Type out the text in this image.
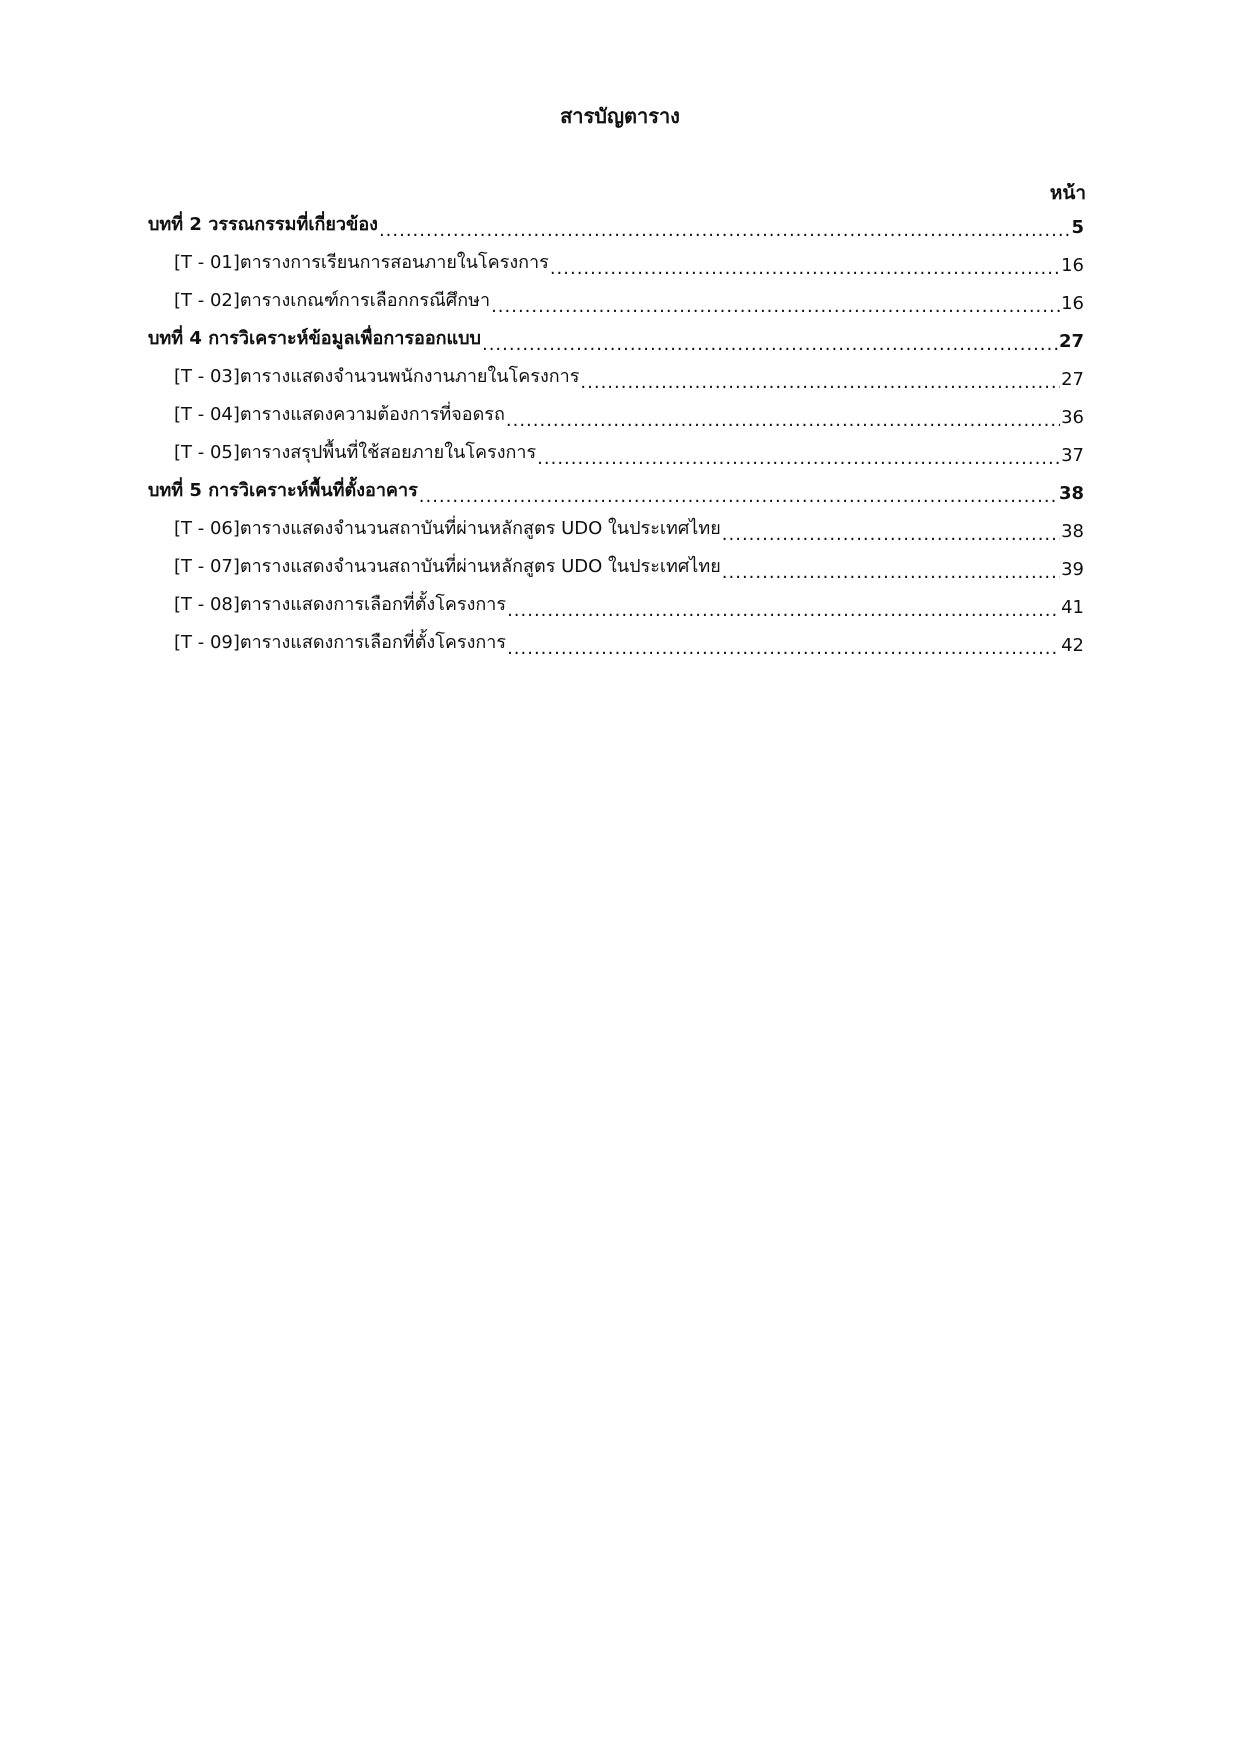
สารบัญตาราง
หน้า
บทที่ 2 วรรณกรรมที่เกี่ยวข้อง .....	5
[T - 01]ตารางการเรียนการสอนภายในโครงการ .....	16
[T - 02]ตารางเกณฑ์การเลือกกรณีศึกษา .....	16
บทที่ 4 การวิเคราะห์ข้อมูลเพื่อการออกแบบ .....	27
[T - 03]ตารางแสดงจำนวนพนักงานภายในโครงการ .....	27
[T - 04]ตารางแสดงความต้องการที่จอดรถ .....	36
[T - 05]ตารางสรุปพื้นที่ใช้สอยภายในโครงการ .....	37
บทที่ 5 การวิเคราะห์พื้นที่ตั้งอาคาร .....	38
[T - 06]ตารางแสดงจำนวนสถาบันที่ผ่านหลักสูตร UDO ในประเทศไทย .....	38
[T - 07]ตารางแสดงจำนวนสถาบันที่ผ่านหลักสูตร UDO ในประเทศไทย .....	39
[T - 08]ตารางแสดงการเลือกที่ตั้งโครงการ .....	41
[T - 09]ตารางแสดงการเลือกที่ตั้งโครงการ .....	42
